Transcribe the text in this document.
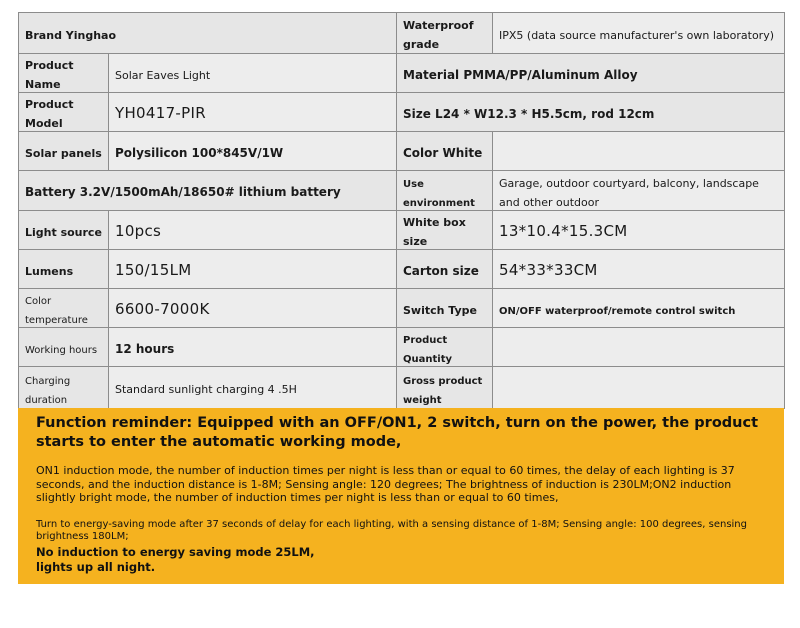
Brand Yinghao		Waterproof grade	IPX5 (data source manufacturer's own laboratory)
Product Name	Solar Eaves Light	Material PMMA/PP/Aluminum Alloy	
Product Model	YH0417-PIR	Size L24 * W12.3 * H5.5cm, rod 12cm	
Solar panels	Polysilicon 100*845V/1W	Color White	
Battery 3.2V/1500mAh/18650# lithium battery		Use environment	Garage, outdoor courtyard, balcony, landscape and other outdoor
Light source	10pcs	White box size	13*10.4*15.3CM
Lumens	150/15LM	Carton size	54*33*33CM
Color temperature	6600-7000K	Switch Type	ON/OFF waterproof/remote control switch
Working hours	12 hours	Product Quantity	
Charging duration	Standard sunlight charging 4 .5H	Gross product weight	

Function reminder: Equipped with an OFF/ON1, 2 switch, turn on the power, the product starts to enter the automatic working mode,

ON1 induction mode, the number of induction times per night is less than or equal to 60 times, the delay of each lighting is 37 seconds, and the induction distance is 1-8M; Sensing angle: 120 degrees; The brightness of induction is 230LM;ON2 induction slightly bright mode, the number of induction times per night is less than or equal to 60 times,

Turn to energy-saving mode after 37 seconds of delay for each lighting, with a sensing distance of 1-8M; Sensing angle: 100 degrees, sensing brightness 180LM;

No induction to energy saving mode 25LM,

lights up all night.
